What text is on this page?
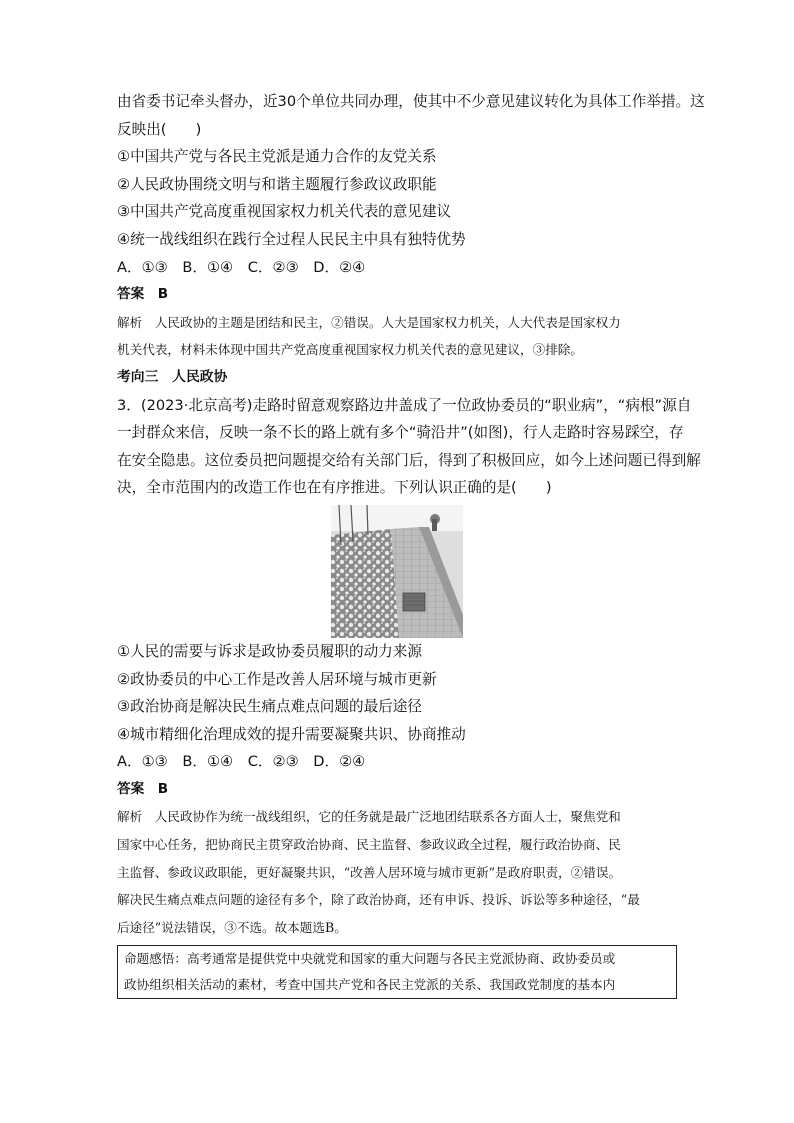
由省委书记牵头督办，近30个单位共同办理，使其中不少意见建议转化为具体工作举措。这
反映出(　　)
①中国共产党与各民主党派是通力合作的友党关系
②人民政协围绕文明与和谐主题履行参政议政职能
③中国共产党高度重视国家权力机关代表的意见建议
④统一战线组织在践行全过程人民民主中具有独特优势
A．①③　B．①④　C．②③　D．②④
答案　B
解析　人民政协的主题是团结和民主，②错误。人大是国家权力机关，人大代表是国家权力
机关代表，材料未体现中国共产党高度重视国家权力机关代表的意见建议，③排除。
考向三　人民政协
3．(2023·北京高考)走路时留意观察路边井盖成了一位政协委员的“职业病”，“病根”源自
一封群众来信，反映一条不长的路上就有多个“骑沿井”(如图)，行人走路时容易踩空，存
在安全隐患。这位委员把问题提交给有关部门后，得到了积极回应，如今上述问题已得到解
决，全市范围内的改造工作也在有序推进。下列认识正确的是(　　)
①人民的需要与诉求是政协委员履职的动力来源
②政协委员的中心工作是改善人居环境与城市更新
③政治协商是解决民生痛点难点问题的最后途径
④城市精细化治理成效的提升需要凝聚共识、协商推动
A．①③　B．①④　C．②③　D．②④
答案　B
解析　人民政协作为统一战线组织，它的任务就是最广泛地团结联系各方面人士，聚焦党和
国家中心任务，把协商民主贯穿政治协商、民主监督、参政议政全过程，履行政治协商、民
主监督、参政议政职能，更好凝聚共识，“改善人居环境与城市更新”是政府职责，②错误。
解决民生痛点难点问题的途径有多个，除了政治协商，还有申诉、投诉、诉讼等多种途径，“最
后途径”说法错误，③不选。故本题选B。
命题感悟：高考通常是提供党中央就党和国家的重大问题与各民主党派协商、政协委员或
政协组织相关活动的素材，考查中国共产党和各民主党派的关系、我国政党制度的基本内
